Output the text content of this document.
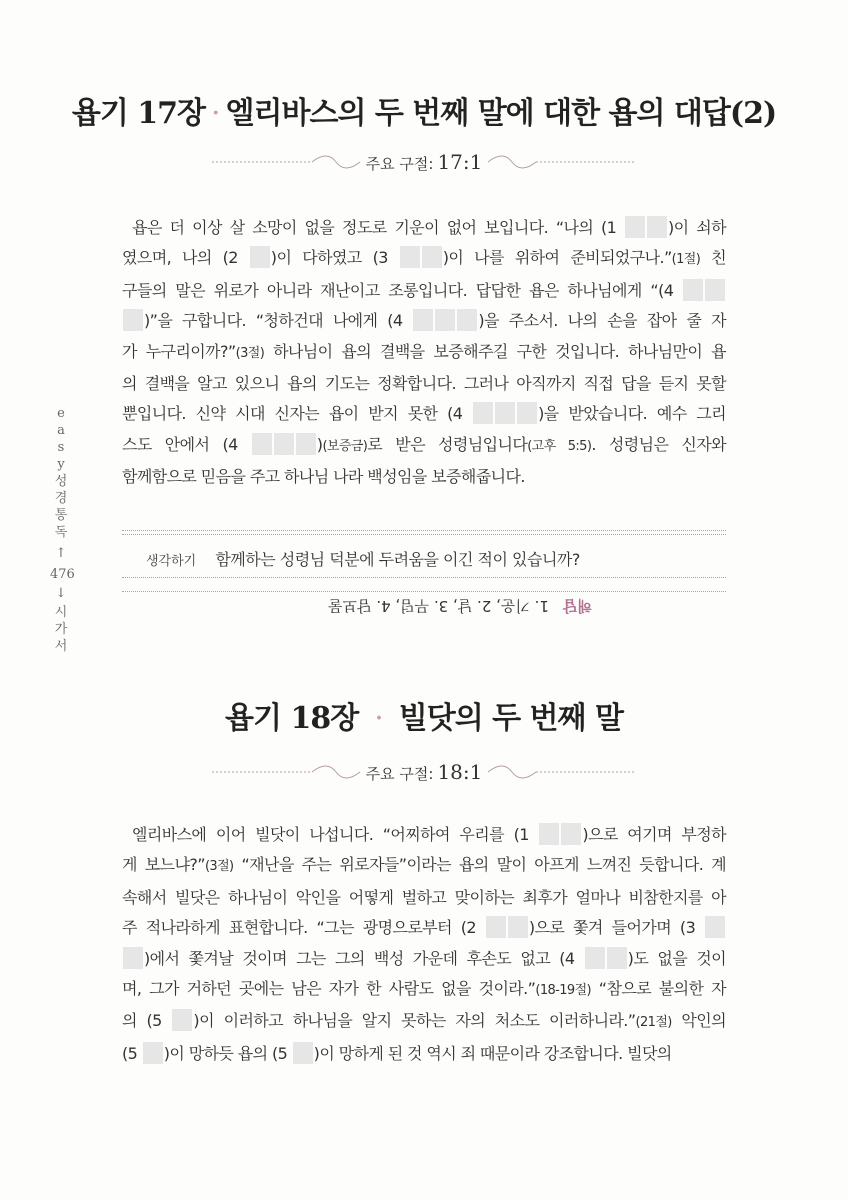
욥기 17장 · 엘리바스의 두 번째 말에 대한 욥의 대답(2)
주요 구절: 17:1
욥은 더 이상 살 소망이 없을 정도로 기운이 없어 보입니다. “나의 (1	)이 쇠하
였으며, 나의 (2 )이 다하였고 (3	)이 나를 위하여 준비되었구나.”(1절) 친
구들의 말은 위로가 아니라 재난이고 조롱입니다. 답답한 욥은 하나님에게 “(4
)”을 구합니다. “청하건대 나에게 (4	)을 주소서. 나의 손을 잡아 줄 자
가 누구리이까?”(3절) 하나님이 욥의 결백을 보증해주길 구한 것입니다. 하나님만이 욥
의 결백을 알고 있으니 욥의 기도는 정확합니다. 그러나 아직까지 직접 답을 듣지 못할
뿐입니다. 신약 시대 신자는 욥이 받지 못한 (4	)을 받았습니다. 예수 그리
스도 안에서 (4	)(보증금)로 받은 성령님입니다(고후 5:5). 성령님은 신자와
함께함으로 믿음을 주고 하나님 나라 백성임을 보증해줍니다.
생각하기 함께하는 성령님 덕분에 두려움을 이긴 적이 있습니까?
해답1. 기운, 2. 날, 3. 무덤, 4. 담보물
e
a
s
y
성
경
통
독
↑
476
↓
시
가
서
욥기 18장 · 빌닷의 두 번째 말
주요 구절: 18:1
엘리바스에 이어 빌닷이 나섭니다. “어찌하여 우리를 (1	)으로 여기며 부정하
게 보느냐?”(3절) “재난을 주는 위로자들”이라는 욥의 말이 아프게 느껴진 듯합니다. 계
속해서 빌닷은 하나님이 악인을 어떻게 벌하고 맞이하는 최후가 얼마나 비참한지를 아
주 적나라하게 표현합니다. “그는 광명으로부터 (2	)으로 쫓겨 들어가며 (3
)에서 쫓겨날 것이며 그는 그의 백성 가운데 후손도 없고 (4	)도 없을 것이
며, 그가 거하던 곳에는 남은 자가 한 사람도 없을 것이라.”(18-19절) “참으로 불의한 자
의 (5 )이 이러하고 하나님을 알지 못하는 자의 처소도 이러하니라.”(21절) 악인의
(5 )이 망하듯 욥의 (5 )이 망하게 된 것 역시 죄 때문이라 강조합니다. 빌닷의
